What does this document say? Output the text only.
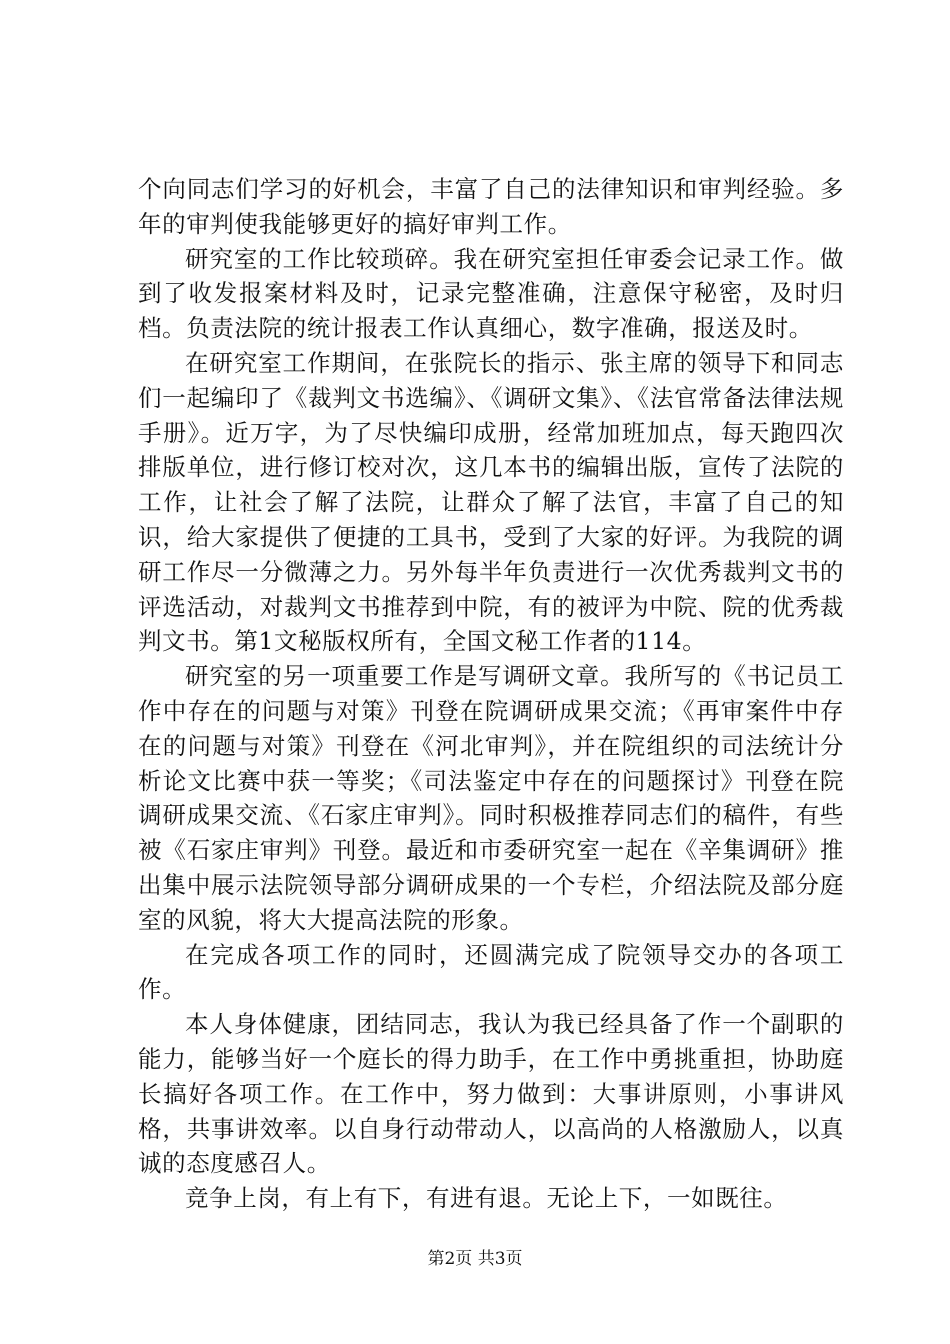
个向同志们学习的好机会，丰富了自己的法律知识和审判经验。多年的审判使我能够更好的搞好审判工作。

研究室的工作比较琐碎。我在研究室担任审委会记录工作。做到了收发报案材料及时，记录完整准确，注意保守秘密，及时归档。负责法院的统计报表工作认真细心，数字准确，报送及时。

在研究室工作期间，在张院长的指示、张主席的领导下和同志们一起编印了《裁判文书选编》、《调研文集》、《法官常备法律法规手册》。近万字，为了尽快编印成册，经常加班加点，每天跑四次排版单位，进行修订校对次，这几本书的编辑出版，宣传了法院的工作，让社会了解了法院，让群众了解了法官，丰富了自己的知识，给大家提供了便捷的工具书，受到了大家的好评。为我院的调研工作尽一分微薄之力。另外每半年负责进行一次优秀裁判文书的评选活动，对裁判文书推荐到中院，有的被评为中院、院的优秀裁判文书。第1文秘版权所有，全国文秘工作者的114。

研究室的另一项重要工作是写调研文章。我所写的《书记员工作中存在的问题与对策》刊登在院调研成果交流；《再审案件中存在的问题与对策》刊登在《河北审判》，并在院组织的司法统计分析论文比赛中获一等奖；《司法鉴定中存在的问题探讨》刊登在院调研成果交流、《石家庄审判》。同时积极推荐同志们的稿件，有些被《石家庄审判》刊登。最近和市委研究室一起在《辛集调研》推出集中展示法院领导部分调研成果的一个专栏，介绍法院及部分庭室的风貌，将大大提高法院的形象。

在完成各项工作的同时，还圆满完成了院领导交办的各项工作。

本人身体健康，团结同志，我认为我已经具备了作一个副职的能力，能够当好一个庭长的得力助手，在工作中勇挑重担，协助庭长搞好各项工作。在工作中，努力做到：大事讲原则，小事讲风格，共事讲效率。以自身行动带动人，以高尚的人格激励人，以真诚的态度感召人。

竞争上岗，有上有下，有进有退。无论上下，一如既往。

第2页 共3页
